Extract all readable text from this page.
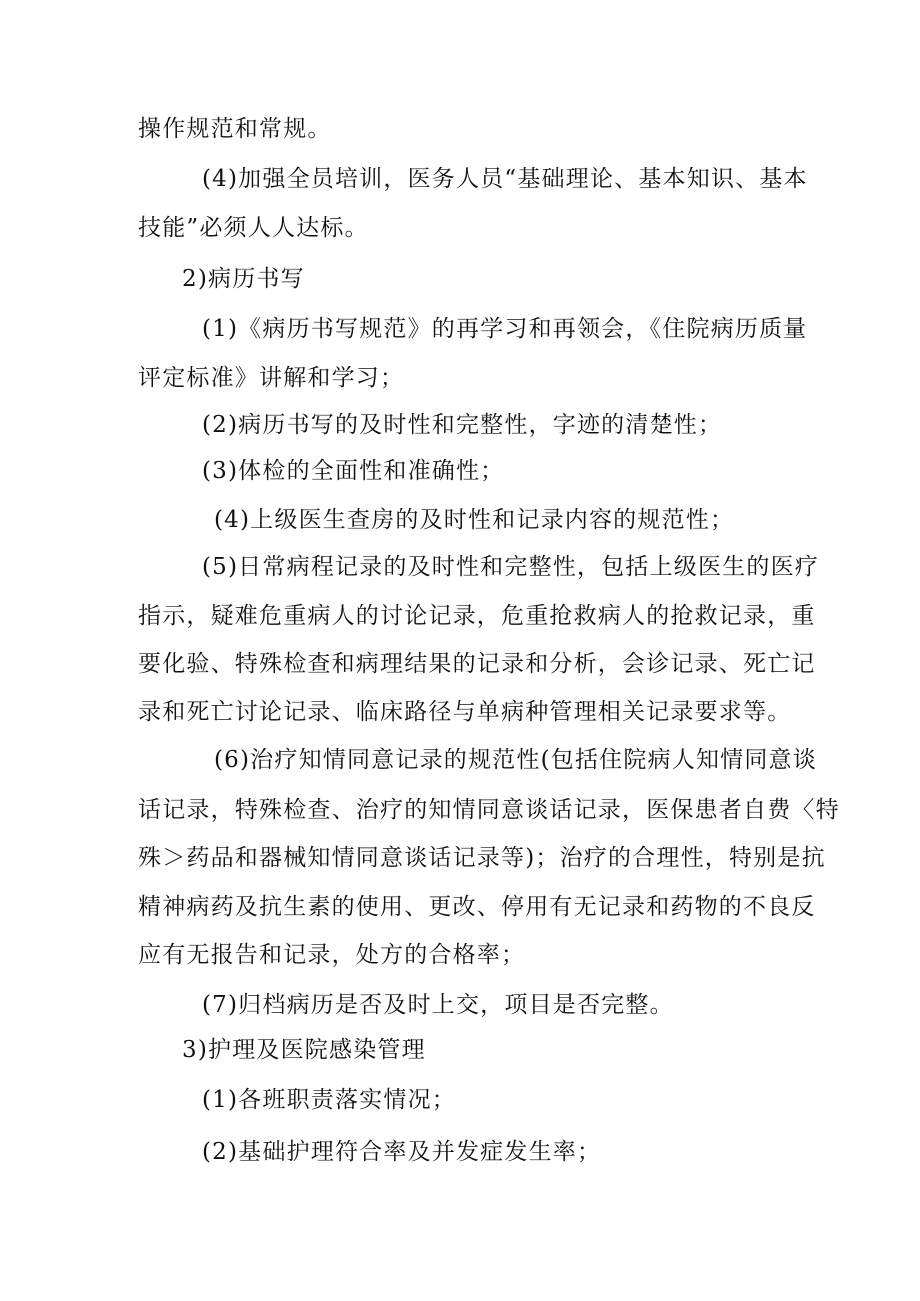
操作规范和常规。
(4)加强全员培训，医务人员“基础理论、基本知识、基本
技能”必须人人达标。
2)病历书写
(1)《病历书写规范》的再学习和再领会，《住院病历质量
评定标准》讲解和学习；
(2)病历书写的及时性和完整性，字迹的清楚性；
(3)体检的全面性和准确性；
(4)上级医生查房的及时性和记录内容的规范性；
(5)日常病程记录的及时性和完整性，包括上级医生的医疗
指示，疑难危重病人的讨论记录，危重抢救病人的抢救记录，重
要化验、特殊检查和病理结果的记录和分析，会诊记录、死亡记
录和死亡讨论记录、临床路径与单病种管理相关记录要求等。
(6)治疗知情同意记录的规范性(包括住院病人知情同意谈
话记录，特殊检查、治疗的知情同意谈话记录，医保患者自费〈特
殊＞药品和器械知情同意谈话记录等)；治疗的合理性，特别是抗
精神病药及抗生素的使用、更改、停用有无记录和药物的不良反
应有无报告和记录，处方的合格率；
(7)归档病历是否及时上交，项目是否完整。
3)护理及医院感染管理
(1)各班职责落实情况；
(2)基础护理符合率及并发症发生率；
